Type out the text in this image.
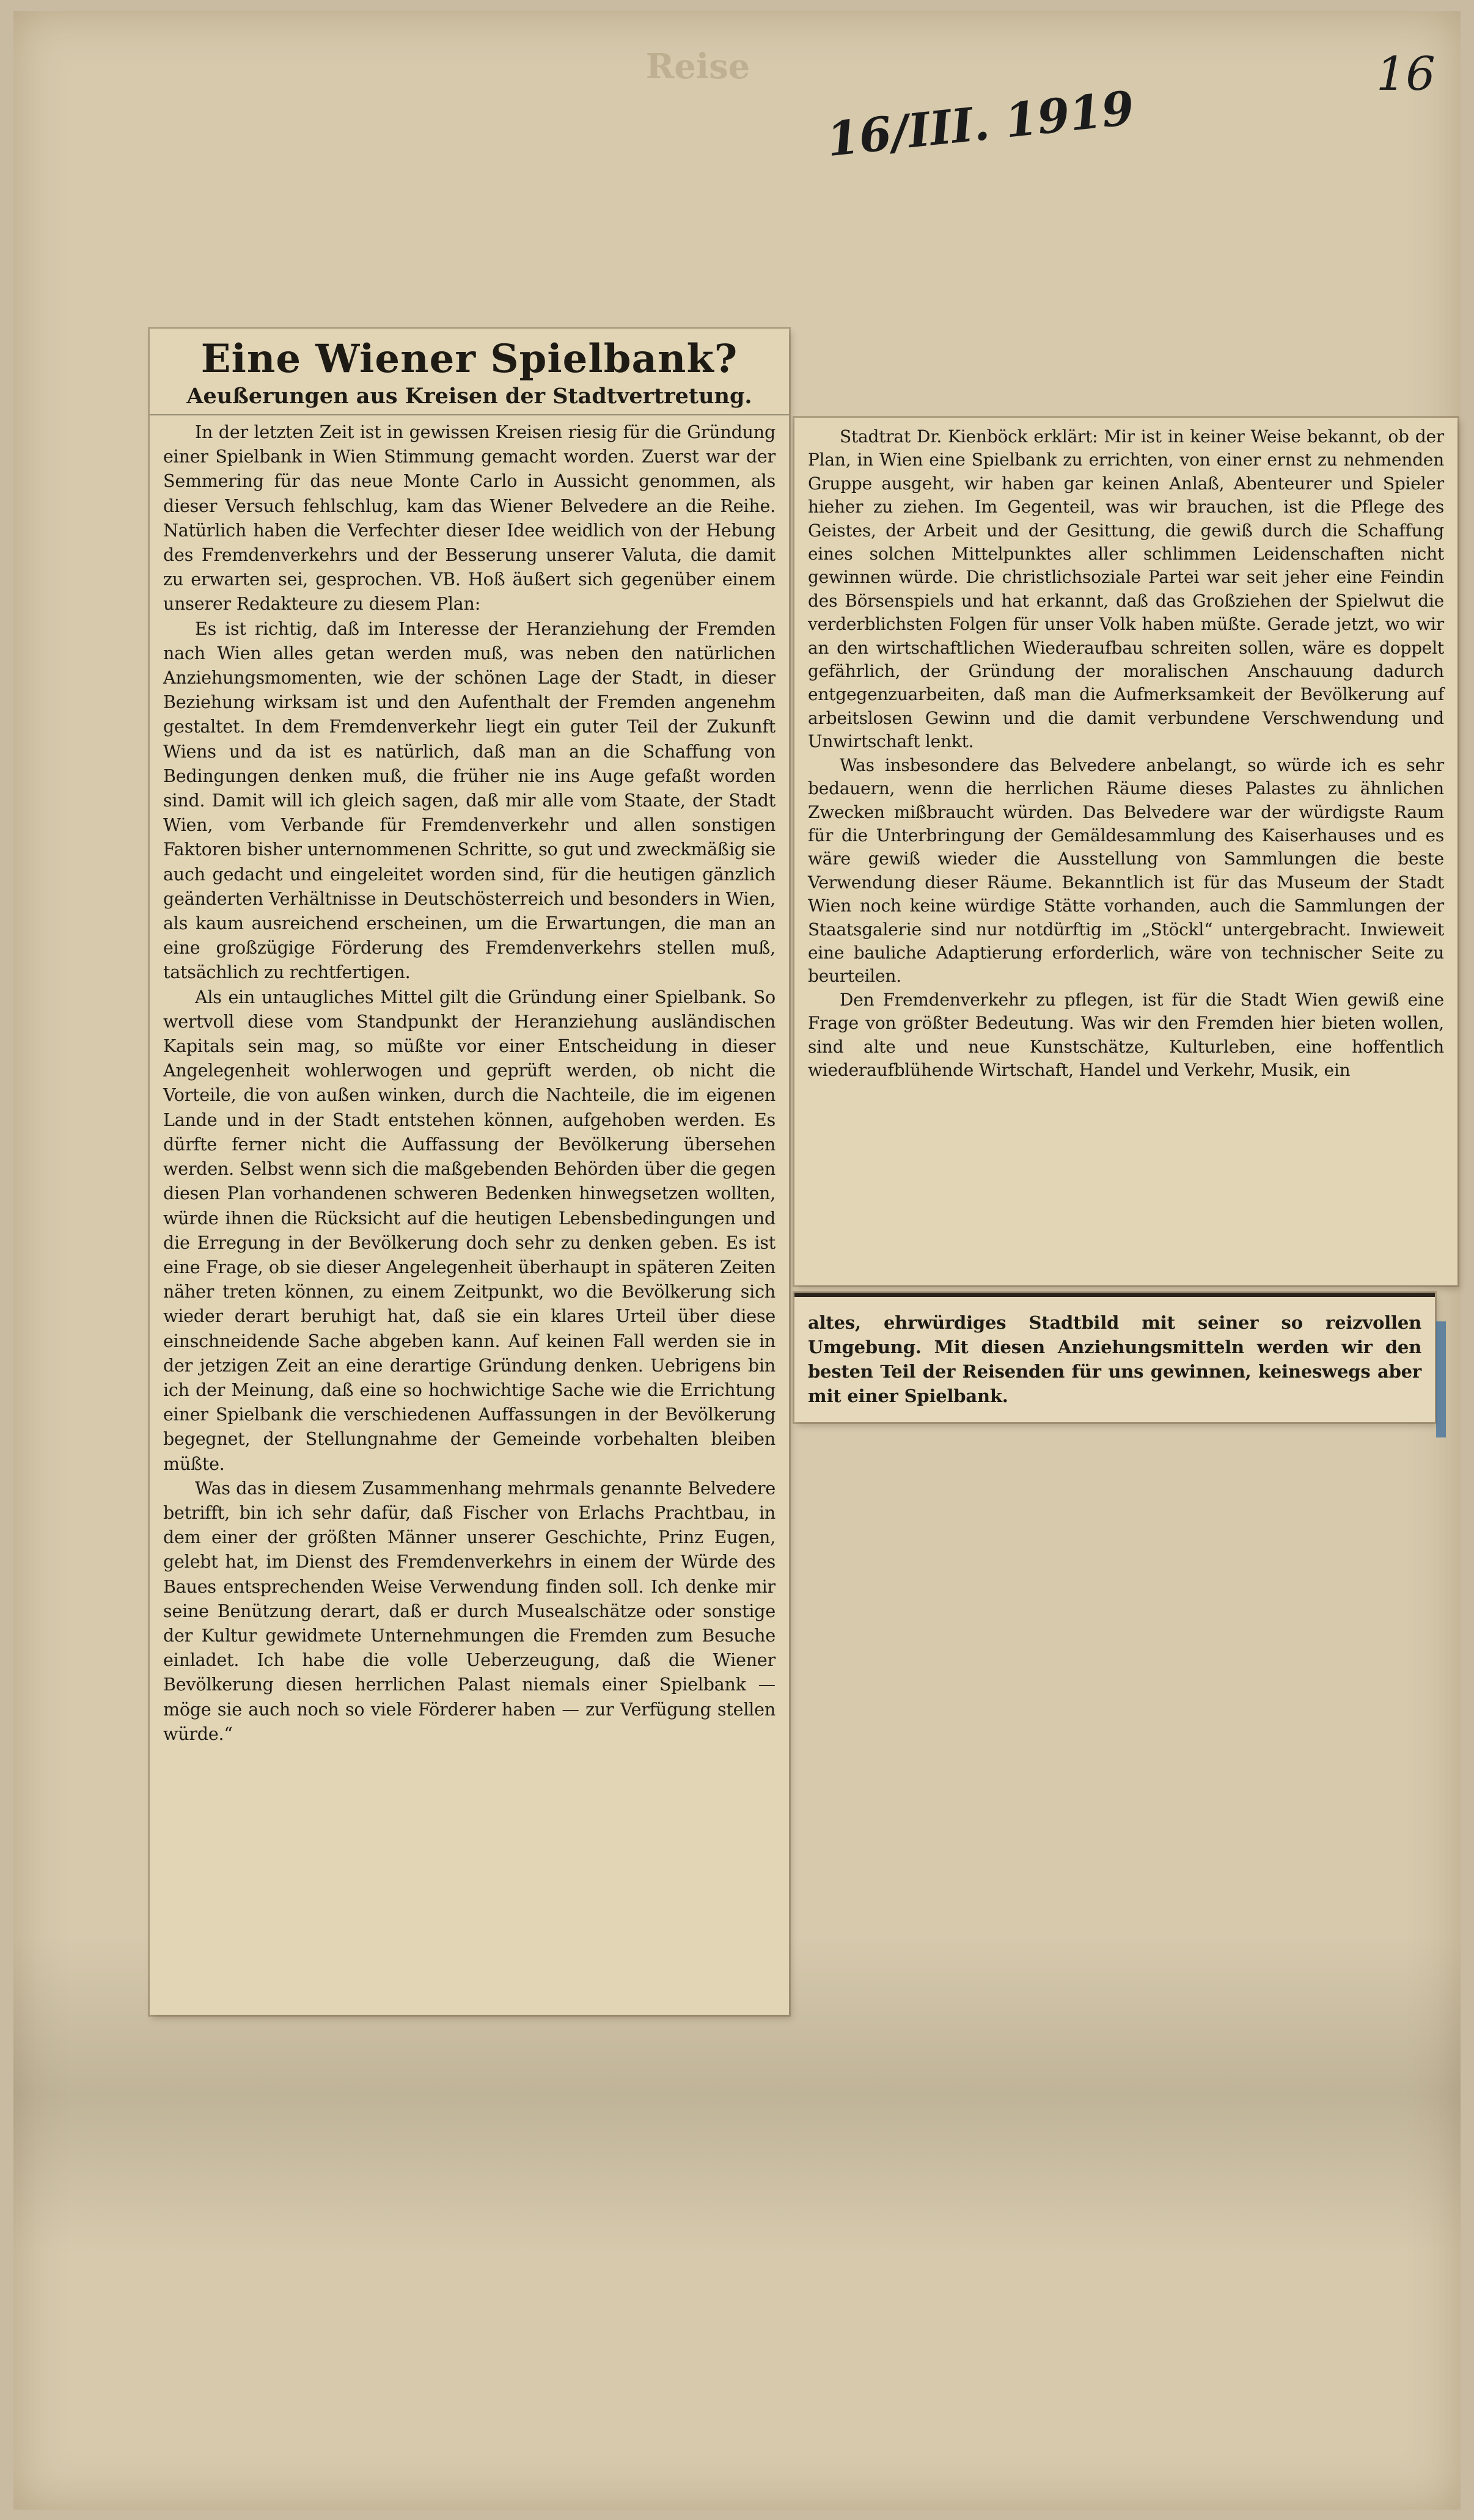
Reise
16/III. 1919
16
Eine Wiener Spielbank?
Aeußerungen aus Kreisen der Stadtvertretung.

In der letzten Zeit ist in gewissen Kreisen riesig für die Gründung einer Spielbank in Wien Stimmung gemacht worden. Zuerst war der Semmering für das neue Monte Carlo in Aussicht genommen, als dieser Versuch fehlschlug, kam das Wiener Belvedere an die Reihe. Natürlich haben die Verfechter dieser Idee weidlich von der Hebung des Fremdenverkehrs und der Besserung unserer Valuta, die damit zu erwarten sei, gesprochen. VB. Hoß äußert sich gegenüber einem unserer Redakteure zu diesem Plan:

Es ist richtig, daß im Interesse der Heranziehung der Fremden nach Wien alles getan werden muß, was neben den natürlichen Anziehungsmomenten, wie der schönen Lage der Stadt, in dieser Beziehung wirksam ist und den Aufenthalt der Fremden angenehm gestaltet. In dem Fremdenverkehr liegt ein guter Teil der Zukunft Wiens und da ist es natürlich, daß man an die Schaffung von Bedingungen denken muß, die früher nie ins Auge gefaßt worden sind. Damit will ich gleich sagen, daß mir alle vom Staate, der Stadt Wien, vom Verbande für Fremdenverkehr und allen sonstigen Faktoren bisher unternommenen Schritte, so gut und zweckmäßig sie auch gedacht und eingeleitet worden sind, für die heutigen gänzlich geänderten Verhältnisse in Deutschösterreich und besonders in Wien, als kaum ausreichend erscheinen, um die Erwartungen, die man an eine großzügige Förderung des Fremdenverkehrs stellen muß, tatsächlich zu rechtfertigen.

Als ein untaugliches Mittel gilt die Gründung einer Spielbank. So wertvoll diese vom Standpunkt der Heranziehung ausländischen Kapitals sein mag, so müßte vor einer Entscheidung in dieser Angelegenheit wohlerwogen und geprüft werden, ob nicht die Vorteile, die von außen winken, durch die Nachteile, die im eigenen Lande und in der Stadt entstehen können, aufgehoben werden. Es dürfte ferner nicht die Auffassung der Bevölkerung übersehen werden. Selbst wenn sich die maßgebenden Behörden über die gegen diesen Plan vorhandenen schweren Bedenken hinwegsetzen wollten, würde ihnen die Rücksicht auf die heutigen Lebensbedingungen und die Erregung in der Bevölkerung doch sehr zu denken geben. Es ist eine Frage, ob sie dieser Angelegenheit überhaupt in späteren Zeiten näher treten können, zu einem Zeitpunkt, wo die Bevölkerung sich wieder derart beruhigt hat, daß sie ein klares Urteil über diese einschneidende Sache abgeben kann. Auf keinen Fall werden sie in der jetzigen Zeit an eine derartige Gründung denken. Uebrigens bin ich der Meinung, daß eine so hochwichtige Sache wie die Errichtung einer Spielbank die verschiedenen Auffassungen in der Bevölkerung begegnet, der Stellungnahme der Gemeinde vorbehalten bleiben müßte.

Was das in diesem Zusammenhang mehrmals genannte Belvedere betrifft, bin ich sehr dafür, daß Fischer von Erlachs Prachtbau, in dem einer der größten Männer unserer Geschichte, Prinz Eugen, gelebt hat, im Dienst des Fremdenverkehrs in einem der Würde des Baues entsprechenden Weise Verwendung finden soll. Ich denke mir seine Benützung derart, daß er durch Musealschätze oder sonstige der Kultur gewidmete Unternehmungen die Fremden zum Besuche einladet. Ich habe die volle Ueberzeugung, daß die Wiener Bevölkerung diesen herrlichen Palast niemals einer Spielbank — möge sie auch noch so viele Förderer haben — zur Verfügung stellen würde.“

Stadtrat Dr. Kienböck erklärt: Mir ist in keiner Weise bekannt, ob der Plan, in Wien eine Spielbank zu errichten, von einer ernst zu nehmenden Gruppe ausgeht, wir haben gar keinen Anlaß, Abenteurer und Spieler hieher zu ziehen. Im Gegenteil, was wir brauchen, ist die Pflege des Geistes, der Arbeit und der Gesittung, die gewiß durch die Schaffung eines solchen Mittelpunktes aller schlimmen Leidenschaften nicht gewinnen würde. Die christlichsoziale Partei war seit jeher eine Feindin des Börsenspiels und hat erkannt, daß das Großziehen der Spielwut die verderblichsten Folgen für unser Volk haben müßte. Gerade jetzt, wo wir an den wirtschaftlichen Wiederaufbau schreiten sollen, wäre es doppelt gefährlich, der Gründung der moralischen Anschauung dadurch entgegenzuarbeiten, daß man die Aufmerksamkeit der Bevölkerung auf arbeitslosen Gewinn und die damit verbundene Verschwendung und Unwirtschaft lenkt.

Was insbesondere das Belvedere anbelangt, so würde ich es sehr bedauern, wenn die herrlichen Räume dieses Palastes zu ähnlichen Zwecken mißbraucht würden. Das Belvedere war der würdigste Raum für die Unterbringung der Gemäldesammlung des Kaiserhauses und es wäre gewiß wieder die Ausstellung von Sammlungen die beste Verwendung dieser Räume. Bekanntlich ist für das Museum der Stadt Wien noch keine würdige Stätte vorhanden, auch die Sammlungen der Staatsgalerie sind nur notdürftig im „Stöckl“ untergebracht. Inwieweit eine bauliche Adaptierung erforderlich, wäre von technischer Seite zu beurteilen.

Den Fremdenverkehr zu pflegen, ist für die Stadt Wien gewiß eine Frage von größter Bedeutung. Was wir den Fremden hier bieten wollen, sind alte und neue Kunstschätze, Kulturleben, eine hoffentlich wiederaufblühende Wirtschaft, Handel und Verkehr, Musik, ein

altes, ehrwürdiges Stadtbild mit seiner so reizvollen Umgebung. Mit diesen Anziehungsmitteln werden wir den besten Teil der Reisenden für uns gewinnen, keineswegs aber mit einer Spielbank.
